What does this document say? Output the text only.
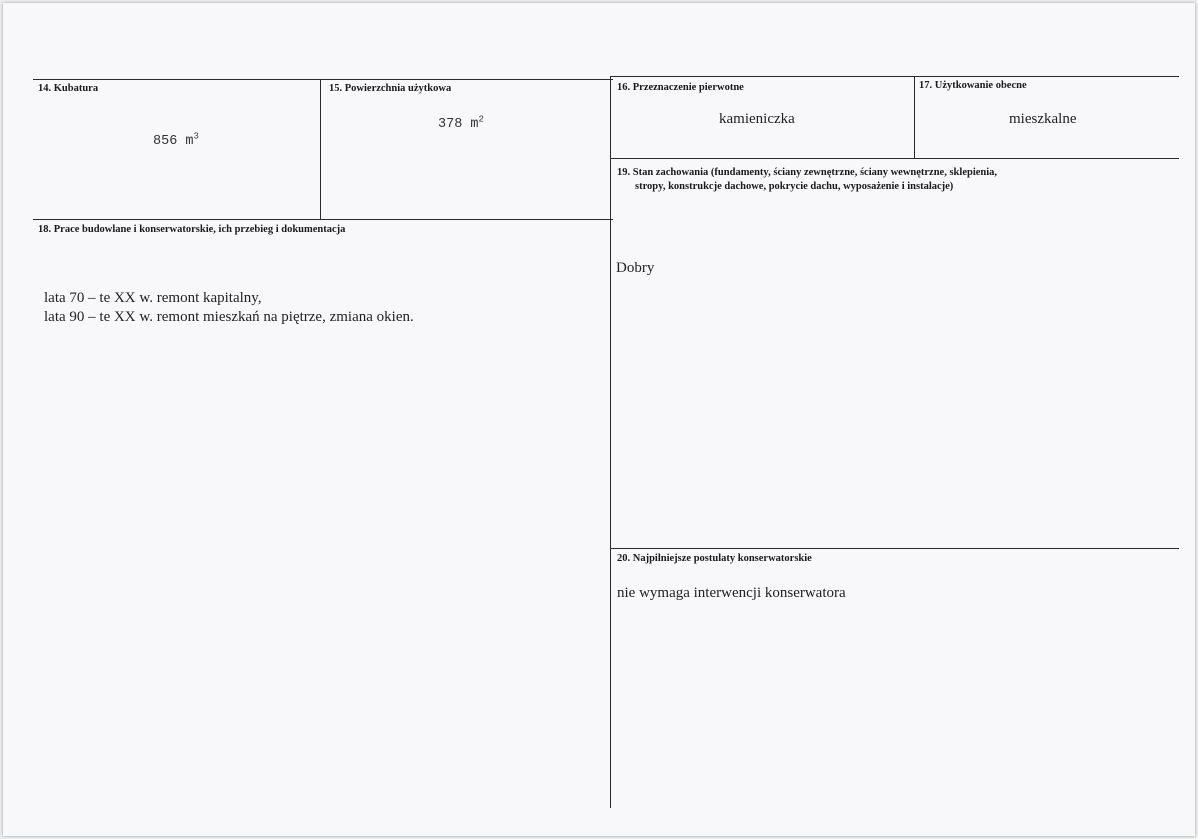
14. Kubatura
856 $m^3$
15. Powierzchnia użytkowa
378 $m^2$
16. Przeznaczenie pierwotne
kamieniczka
17. Użytkowanie obecne
mieszkalne
18. Prace budowlane i konserwatorskie, ich przebieg i dokumentacja
lata 70 – te XX w. remont kapitalny,
lata 90 – te XX w. remont mieszkań na piętrze, zmiana okien.
19. Stan zachowania (fundamenty, ściany zewnętrzne, ściany wewnętrzne, sklepienia,
stropy, konstrukcje dachowe, pokrycie dachu, wyposażenie i instalacje)
Dobry
20. Najpilniejsze postulaty konserwatorskie
nie wymaga interwencji konserwatora
